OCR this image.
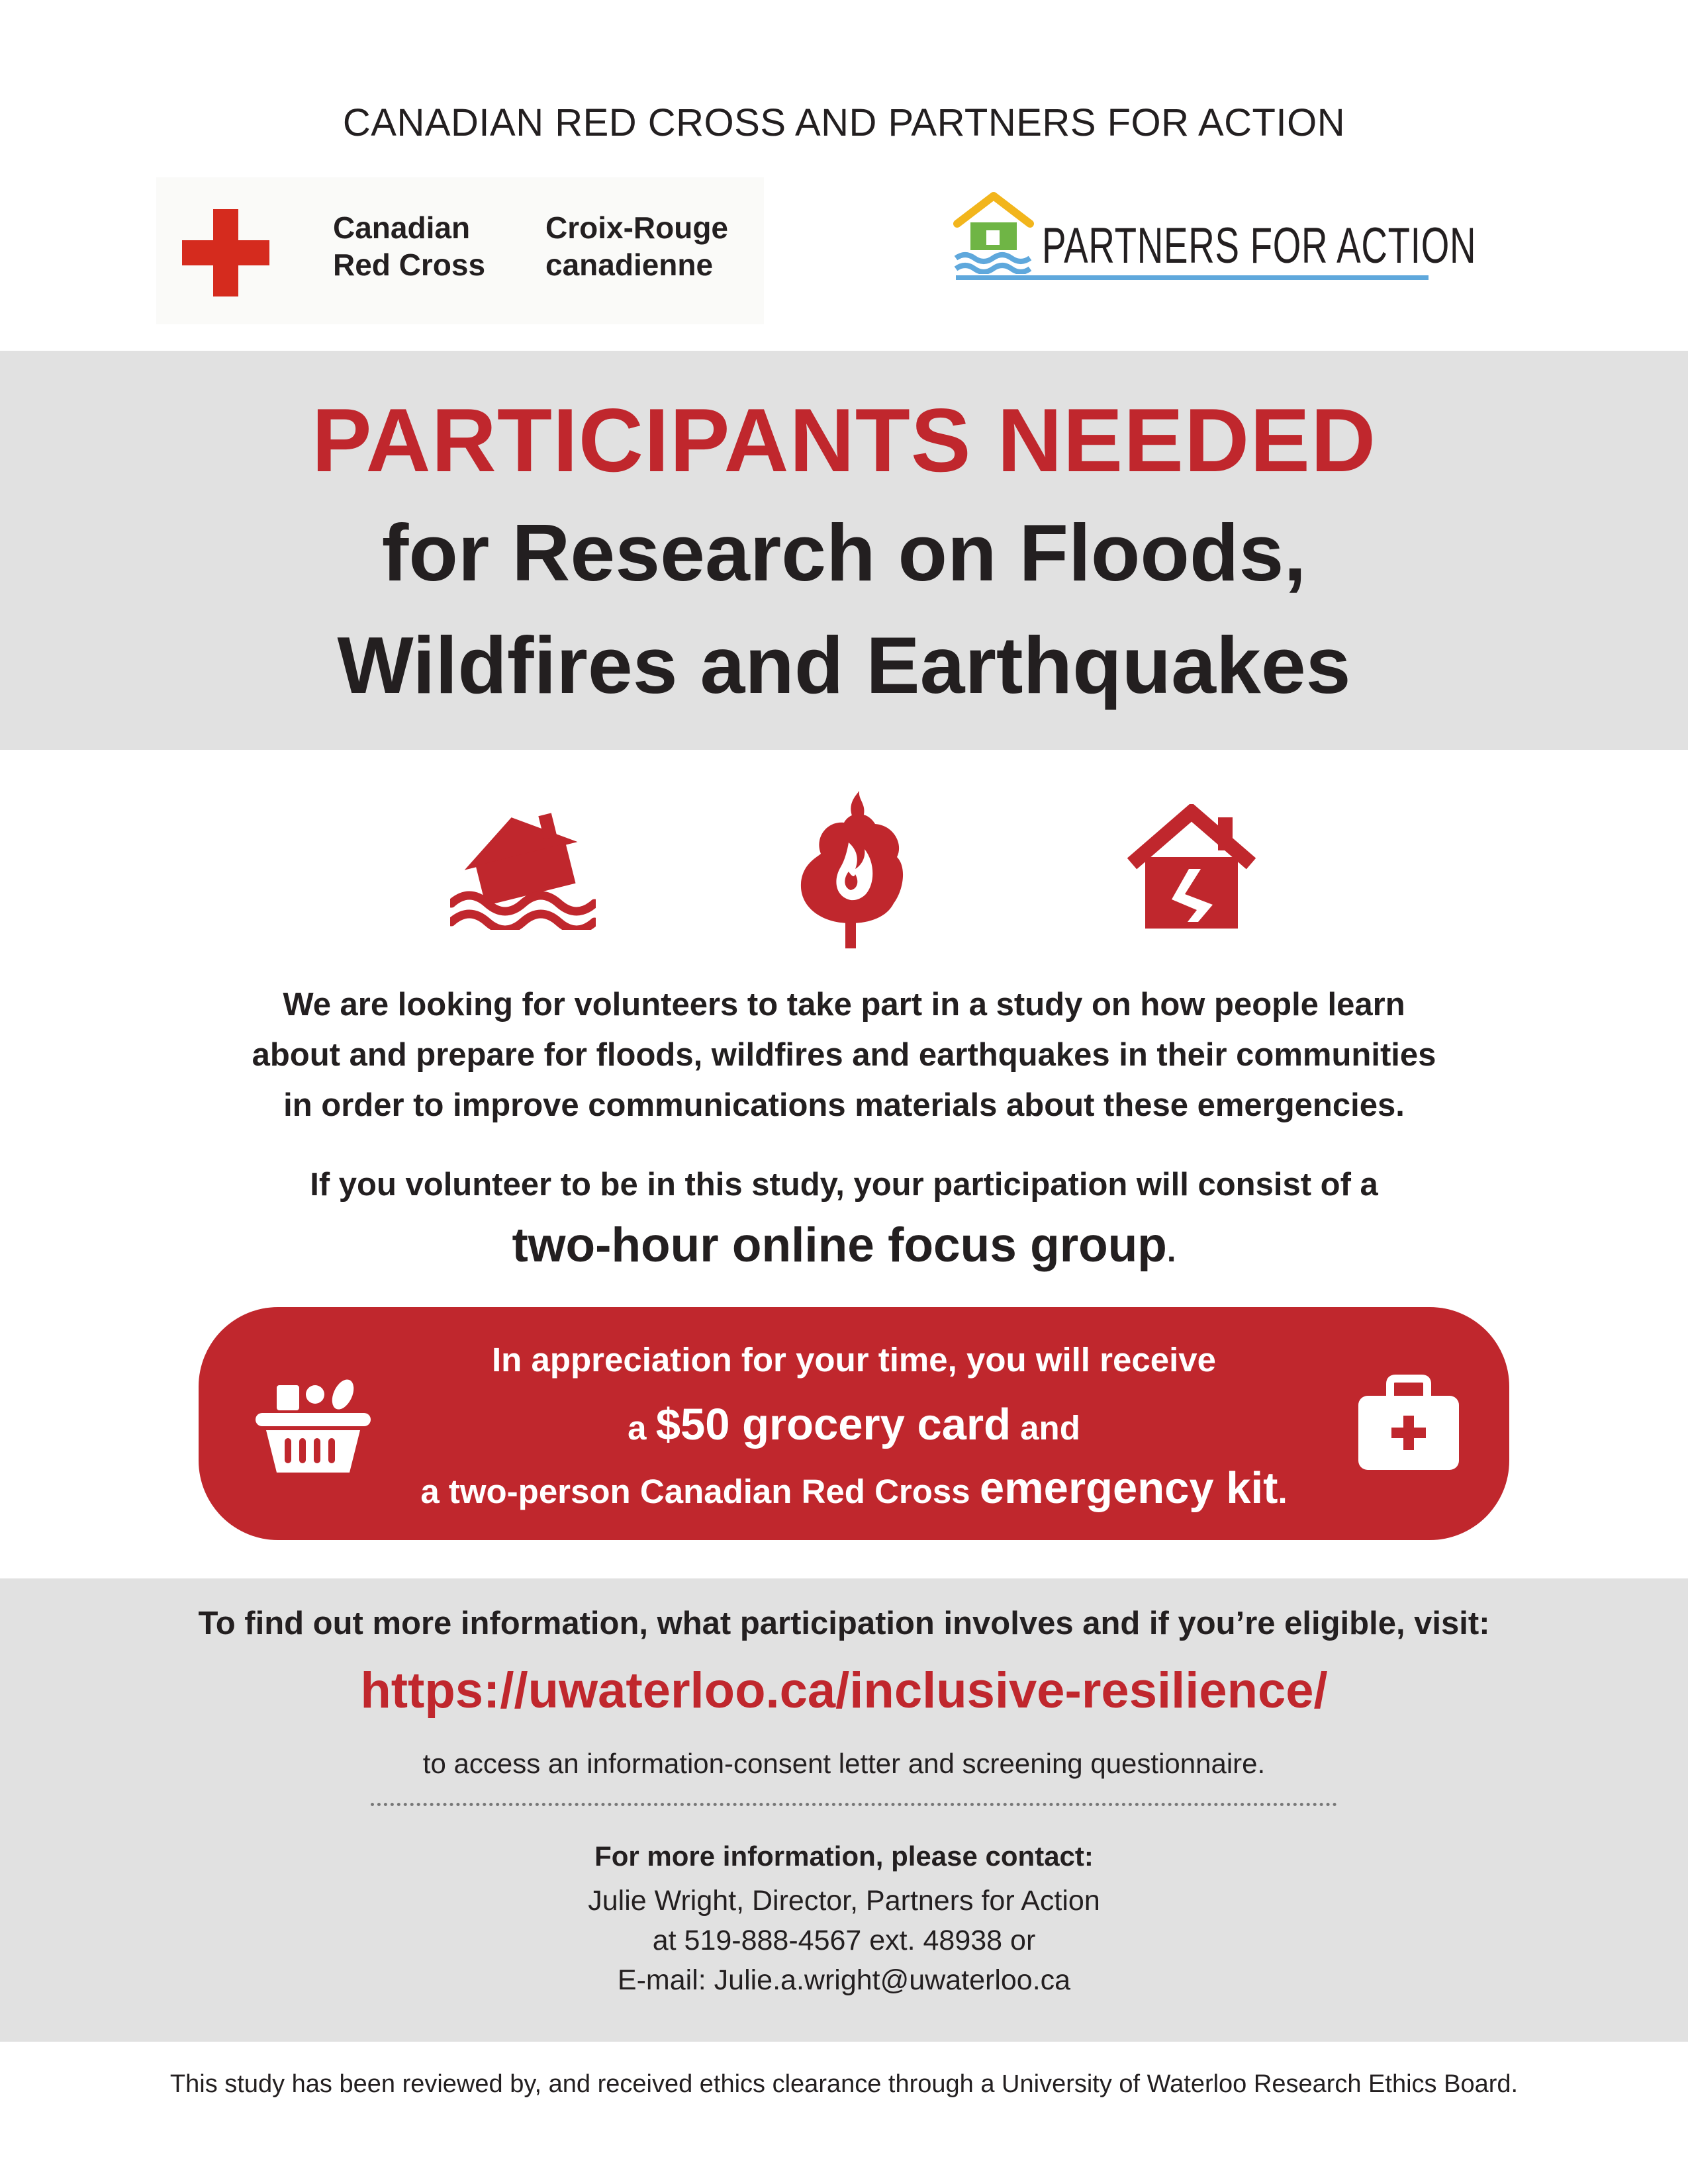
CANADIAN RED CROSS AND PARTNERS FOR ACTION
Canadian
Red Cross
Croix-Rouge
canadienne	PARTNERS FOR ACTION
PARTICIPANTS NEEDED
for Research on Floods,
Wildfires and Earthquakes
We are looking for volunteers to take part in a study on how people learn
about and prepare for floods, wildfires and earthquakes in their communities
in order to improve communications materials about these emergencies.
If you volunteer to be in this study, your participation will consist of a
two-hour online focus group.
In appreciation for your time, you will receive
a $50 grocery card and
a two-person Canadian Red Cross emergency kit.
To find out more information, what participation involves and if you’re eligible, visit:
https://uwaterloo.ca/inclusive-resilience/
to access an information-consent letter and screening questionnaire.
For more information, please contact:
Julie Wright, Director, Partners for Action
at 519-888-4567 ext. 48938 or
E-mail: Julie.a.wright@uwaterloo.ca
This study has been reviewed by, and received ethics clearance through a University of Waterloo Research Ethics Board.
